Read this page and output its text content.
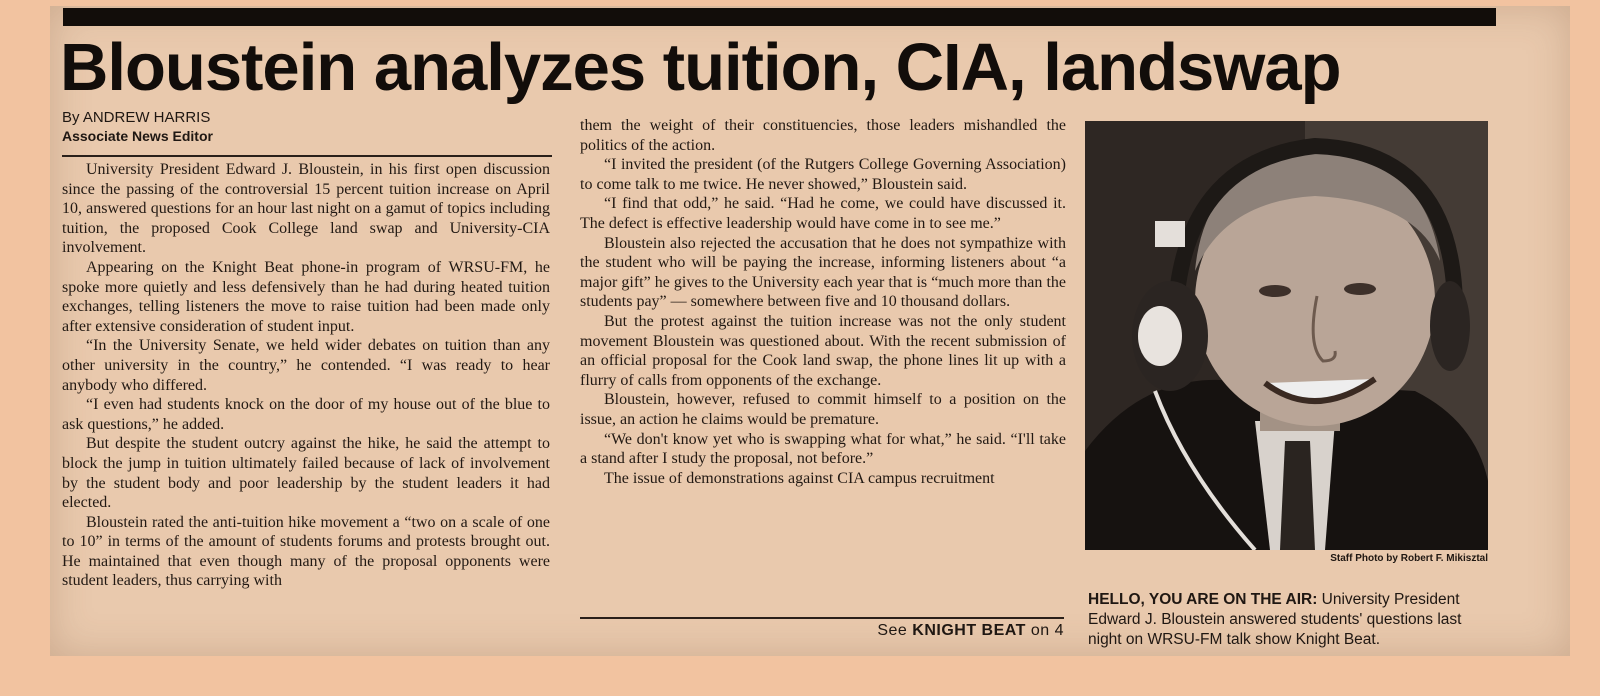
Bloustein analyzes tuition, CIA, landswap
By ANDREW HARRIS
Associate News Editor

University President Edward J. Bloustein, in his first open discussion since the passing of the controversial 15 percent tuition increase on April 10, answered questions for an hour last night on a gamut of topics including tuition, the proposed Cook College land swap and University-CIA involvement.

Appearing on the Knight Beat phone-in program of WRSU-FM, he spoke more quietly and less defensively than he had during heated tuition exchanges, telling listeners the move to raise tuition had been made only after extensive consideration of student input.

“In the University Senate, we held wider debates on tuition than any other university in the country,” he contended. “I was ready to hear anybody who differed.

“I even had students knock on the door of my house out of the blue to ask questions,” he added.

But despite the student outcry against the hike, he said the attempt to block the jump in tuition ultimately failed because of lack of involvement by the student body and poor leadership by the student leaders it had elected.

Bloustein rated the anti-tuition hike movement a “two on a scale of one to 10” in terms of the amount of students forums and protests brought out. He maintained that even though many of the proposal opponents were student leaders, thus carrying with

them the weight of their constituencies, those leaders mishandled the politics of the action.

“I invited the president (of the Rutgers College Governing Association) to come talk to me twice. He never showed,” Bloustein said.

“I find that odd,” he said. “Had he come, we could have discussed it. The defect is effective leadership would have come in to see me.”

Bloustein also rejected the accusation that he does not sympathize with the student who will be paying the increase, informing listeners about “a major gift” he gives to the University each year that is “much more than the students pay” — somewhere between five and 10 thousand dollars.

But the protest against the tuition increase was not the only student movement Bloustein was questioned about. With the recent submission of an official proposal for the Cook land swap, the phone lines lit up with a flurry of calls from opponents of the exchange.

Bloustein, however, refused to commit himself to a position on the issue, an action he claims would be premature.

“We don't know yet who is swapping what for what,” he said. “I'll take a stand after I study the proposal, not before.”

The issue of demonstrations against CIA campus recruitment

See KNIGHT BEAT on 4
Staff Photo by Robert F. Mikisztal
HELLO, YOU ARE ON THE AIR: University President Edward J. Bloustein answered students' questions last night on WRSU-FM talk show Knight Beat.
